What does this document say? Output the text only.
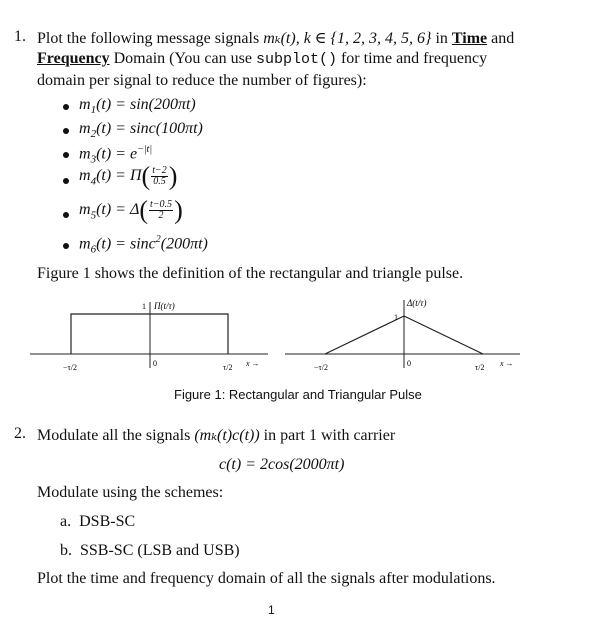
1. Plot the following message signals mₖ(t), k ∈ {1, 2, 3, 4, 5, 6} in Time and
Frequency Domain (You can use subplot() for time and frequency
domain per signal to reduce the number of figures):
$m_1(t) = \sin(200\pi t)$
$m_2(t) = \sin c(100\pi t)$
$m_3(t) = e^{-|t|}$
$m_4(t) = \Pi( \frac{t-2}{0.5}$ )
$m_5(t) = \Delta( \frac{t-0.5}{2}$ )
$m_6(t) = \sin c^2(200\pi t)$
Figure 1 shows the definition of the rectangular and triangle pulse.
Π(t/τ)
1
0
−τ/2	τ/2 x →
Δ(t/τ)
1
0
−τ/2	τ/2 x →
Figure 1: Rectangular and Triangular Pulse
2. Modulate all the signals (mₖ(t)c(t)) in part 1 with carrier
c(t) = 2cos(2000πt)
Modulate using the schemes:
a. DSB-SC
b. SSB-SC (LSB and USB)
Plot the time and frequency domain of all the signals after modulations.
1
